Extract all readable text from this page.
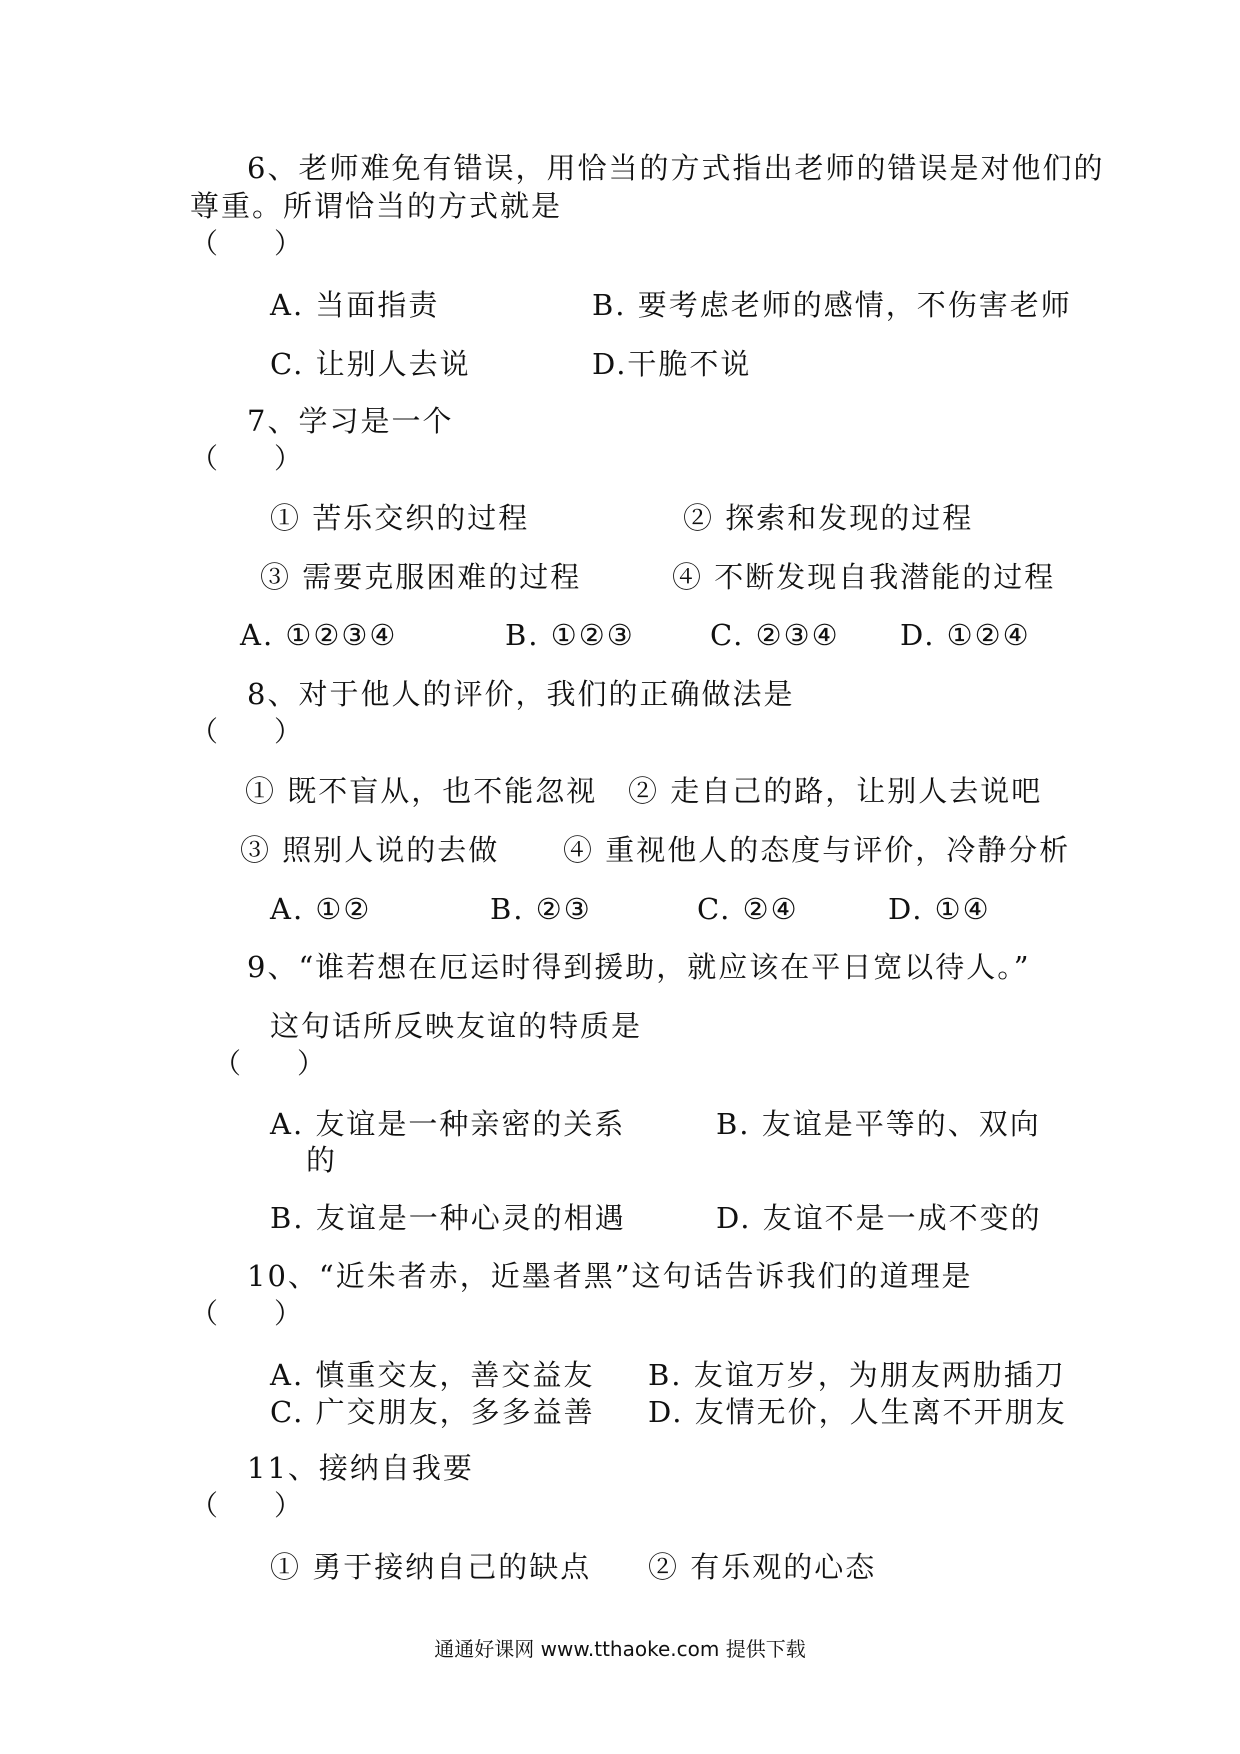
6、老师难免有错误，用恰当的方式指出老师的错误是对他们的
尊重。所谓恰当的方式就是
（　　）
A. 当面指责	B. 要考虑老师的感情，不伤害老师
C. 让别人去说	D.干脆不说
7、学习是一个
（　　）
① 苦乐交织的过程	② 探索和发现的过程
③ 需要克服困难的过程	④ 不断发现自我潜能的过程
A. ①②③④	B. ①②③	C. ②③④ D. ①②④
8、对于他人的评价，我们的正确做法是
（　　）
① 既不盲从，也不能忽视 ② 走自己的路，让别人去说吧
③ 照别人说的去做 ④ 重视他人的态度与评价，冷静分析
A. ①②	B. ②③	C. ②④	D. ①④
9、“谁若想在厄运时得到援助，就应该在平日宽以待人。”
这句话所反映友谊的特质是
（　　）
A. 友谊是一种亲密的关系	B. 友谊是平等的、双向
的
B. 友谊是一种心灵的相遇	D. 友谊不是一成不变的
10、“近朱者赤，近墨者黑”这句话告诉我们的道理是
（　　）
A. 慎重交友，善交益友 B. 友谊万岁，为朋友两肋插刀
C. 广交朋友，多多益善 D. 友情无价，人生离不开朋友
11、接纳自我要
（　　）
① 勇于接纳自己的缺点 ② 有乐观的心态
通通好课网 www.tthaoke.com 提供下载
